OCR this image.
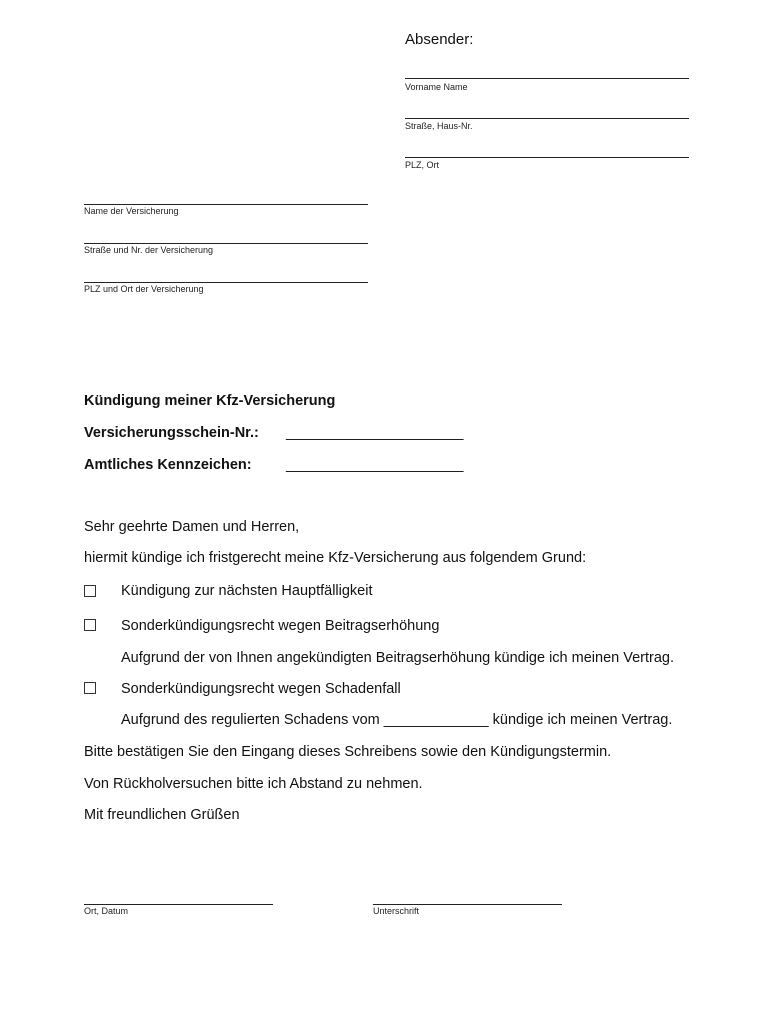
Absender:
Vorname Name
Straße, Haus-Nr.
PLZ, Ort
Name der Versicherung
Straße und Nr. der Versicherung
PLZ und Ort der Versicherung
Kündigung meiner Kfz-Versicherung
Versicherungsschein-Nr.: ______________________
Amtliches Kennzeichen: ______________________
Sehr geehrte Damen und Herren,
hiermit kündige ich fristgerecht meine Kfz-Versicherung aus folgendem Grund:
Kündigung zur nächsten Hauptfälligkeit
Sonderkündigungsrecht wegen Beitragserhöhung
Aufgrund der von Ihnen angekündigten Beitragserhöhung kündige ich meinen Vertrag.
Sonderkündigungsrecht wegen Schadenfall
Aufgrund des regulierten Schadens vom _____________ kündige ich meinen Vertrag.
Bitte bestätigen Sie den Eingang dieses Schreibens sowie den Kündigungstermin.
Von Rückholversuchen bitte ich Abstand zu nehmen.
Mit freundlichen Grüßen
Ort, Datum	Unterschrift
